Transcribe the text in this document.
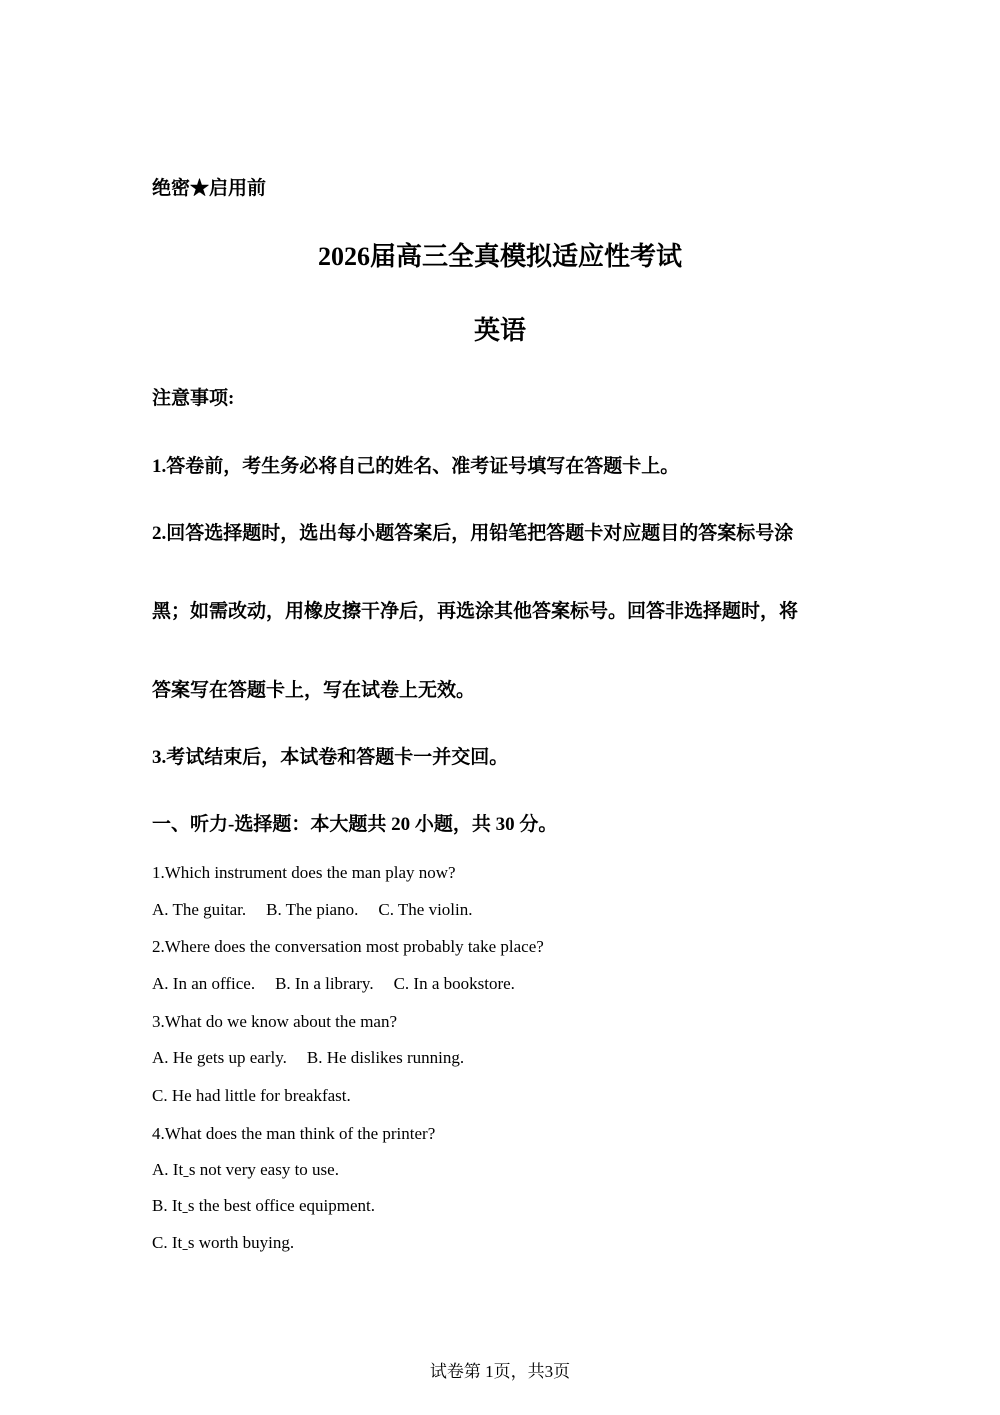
绝密★启用前
2026届高三全真模拟适应性考试
英语
注意事项:
1.答卷前，考生务必将自己的姓名、准考证号填写在答题卡上。
2.回答选择题时，选出每小题答案后，用铅笔把答题卡对应题目的答案标号涂
黑；如需改动，用橡皮擦干净后，再选涂其他答案标号。回答非选择题时，将
答案写在答题卡上，写在试卷上无效。
3.考试结束后，本试卷和答题卡一并交回。
一、听力-选择题：本大题共 20 小题，共 30 分。
1.Which instrument does the man play now?
A. The guitar. B. The piano. C. The violin.
2.Where does the conversation most probably take place?
A. In an office. B. In a library. C. In a bookstore.
3.What do we know about the man?
A. He gets up early. B. He dislikes running.
C. He had little for breakfast.
4.What does the man think of the printer?
A. Itˍs not very easy to use.
B. Itˍs the best office equipment.
C. Itˍs worth buying.
试卷第 1页，共3页
